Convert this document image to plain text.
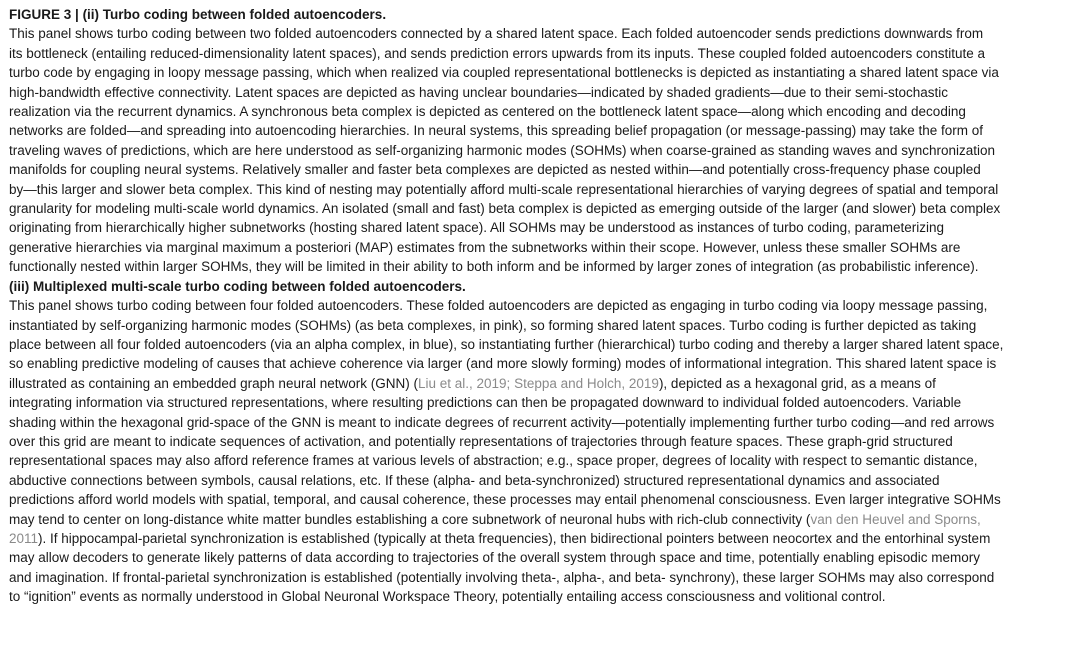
FIGURE 3 | (ii) Turbo coding between folded autoencoders.
This panel shows turbo coding between two folded autoencoders connected by a shared latent space. Each folded autoencoder sends predictions downwards from
its bottleneck (entailing reduced-dimensionality latent spaces), and sends prediction errors upwards from its inputs. These coupled folded autoencoders constitute a
turbo code by engaging in loopy message passing, which when realized via coupled representational bottlenecks is depicted as instantiating a shared latent space via
high-bandwidth effective connectivity. Latent spaces are depicted as having unclear boundaries—indicated by shaded gradients—due to their semi-stochastic
realization via the recurrent dynamics. A synchronous beta complex is depicted as centered on the bottleneck latent space—along which encoding and decoding
networks are folded—and spreading into autoencoding hierarchies. In neural systems, this spreading belief propagation (or message-passing) may take the form of
traveling waves of predictions, which are here understood as self-organizing harmonic modes (SOHMs) when coarse-grained as standing waves and synchronization
manifolds for coupling neural systems. Relatively smaller and faster beta complexes are depicted as nested within—and potentially cross-frequency phase coupled
by—this larger and slower beta complex. This kind of nesting may potentially afford multi-scale representational hierarchies of varying degrees of spatial and temporal
granularity for modeling multi-scale world dynamics. An isolated (small and fast) beta complex is depicted as emerging outside of the larger (and slower) beta complex
originating from hierarchically higher subnetworks (hosting shared latent space). All SOHMs may be understood as instances of turbo coding, parameterizing
generative hierarchies via marginal maximum a posteriori (MAP) estimates from the subnetworks within their scope. However, unless these smaller SOHMs are
functionally nested within larger SOHMs, they will be limited in their ability to both inform and be informed by larger zones of integration (as probabilistic inference).
(iii) Multiplexed multi-scale turbo coding between folded autoencoders.
This panel shows turbo coding between four folded autoencoders. These folded autoencoders are depicted as engaging in turbo coding via loopy message passing,
instantiated by self-organizing harmonic modes (SOHMs) (as beta complexes, in pink), so forming shared latent spaces. Turbo coding is further depicted as taking
place between all four folded autoencoders (via an alpha complex, in blue), so instantiating further (hierarchical) turbo coding and thereby a larger shared latent space,
so enabling predictive modeling of causes that achieve coherence via larger (and more slowly forming) modes of informational integration. This shared latent space is
illustrated as containing an embedded graph neural network (GNN) (Liu et al., 2019; Steppa and Holch, 2019), depicted as a hexagonal grid, as a means of
integrating information via structured representations, where resulting predictions can then be propagated downward to individual folded autoencoders. Variable
shading within the hexagonal grid-space of the GNN is meant to indicate degrees of recurrent activity—potentially implementing further turbo coding—and red arrows
over this grid are meant to indicate sequences of activation, and potentially representations of trajectories through feature spaces. These graph-grid structured
representational spaces may also afford reference frames at various levels of abstraction; e.g., space proper, degrees of locality with respect to semantic distance,
abductive connections between symbols, causal relations, etc. If these (alpha- and beta-synchronized) structured representational dynamics and associated
predictions afford world models with spatial, temporal, and causal coherence, these processes may entail phenomenal consciousness. Even larger integrative SOHMs
may tend to center on long-distance white matter bundles establishing a core subnetwork of neuronal hubs with rich-club connectivity (van den Heuvel and Sporns,
2011). If hippocampal-parietal synchronization is established (typically at theta frequencies), then bidirectional pointers between neocortex and the entorhinal system
may allow decoders to generate likely patterns of data according to trajectories of the overall system through space and time, potentially enabling episodic memory
and imagination. If frontal-parietal synchronization is established (potentially involving theta-, alpha-, and beta- synchrony), these larger SOHMs may also correspond
to “ignition” events as normally understood in Global Neuronal Workspace Theory, potentially entailing access consciousness and volitional control.
